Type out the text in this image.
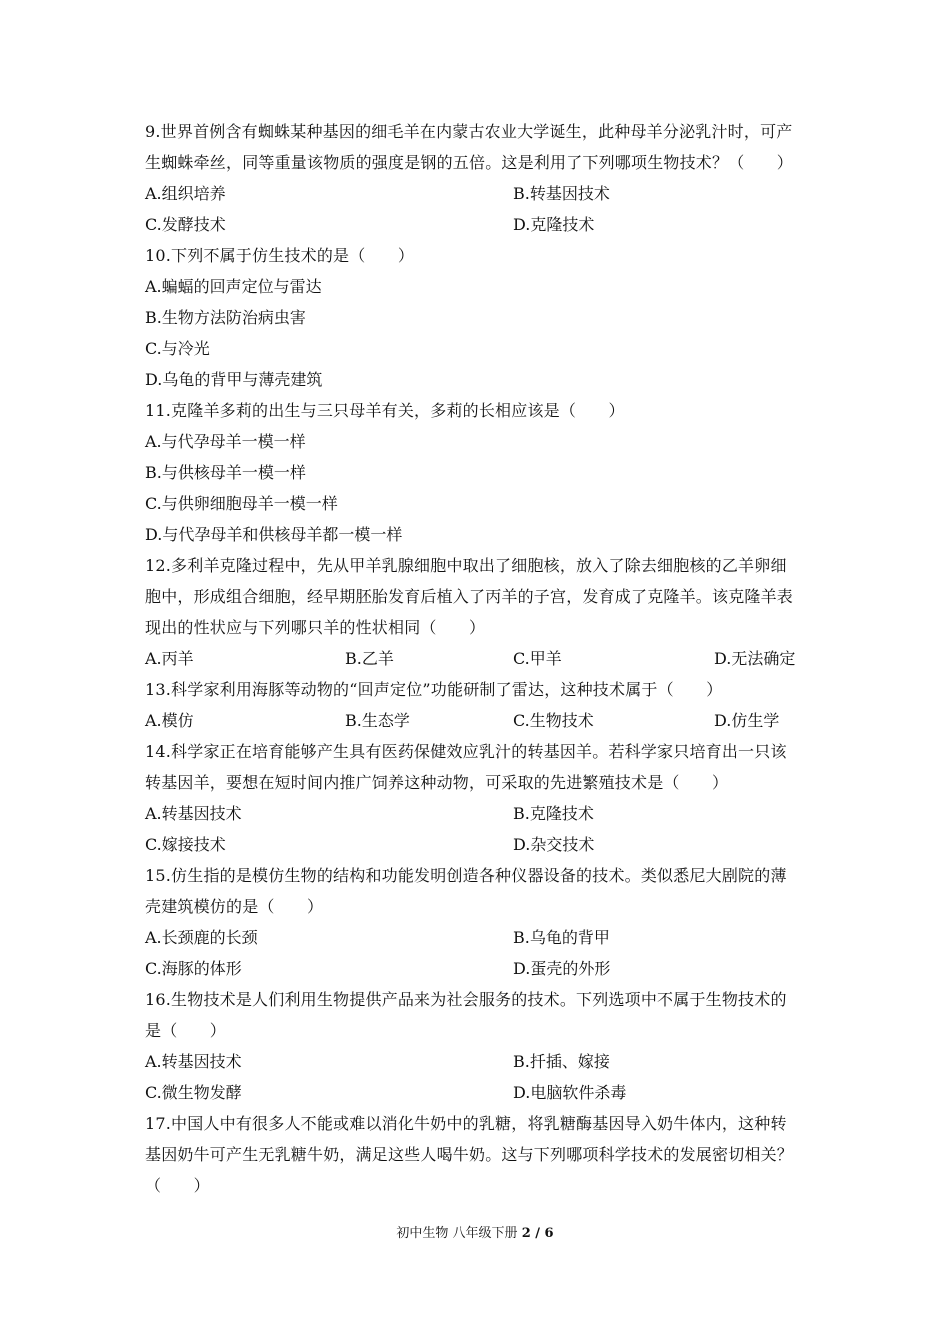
9.世界首例含有蜘蛛某种基因的细毛羊在内蒙古农业大学诞生，此种母羊分泌乳汁时，可产
生蜘蛛牵丝，同等重量该物质的强度是钢的五倍。这是利用了下列哪项生物技术？（　　）
A.组织培养	B.转基因技术
C.发酵技术	D.克隆技术
10.下列不属于仿生技术的是（　　）
A.蝙蝠的回声定位与雷达
B.生物方法防治病虫害
C.与冷光
D.乌龟的背甲与薄壳建筑
11.克隆羊多莉的出生与三只母羊有关，多莉的长相应该是（　　）
A.与代孕母羊一模一样
B.与供核母羊一模一样
C.与供卵细胞母羊一模一样
D.与代孕母羊和供核母羊都一模一样
12.多利羊克隆过程中，先从甲羊乳腺细胞中取出了细胞核，放入了除去细胞核的乙羊卵细
胞中，形成组合细胞，经早期胚胎发育后植入了丙羊的子宫，发育成了克隆羊。该克隆羊表
现出的性状应与下列哪只羊的性状相同（　　）
A.丙羊	B.乙羊	C.甲羊	D.无法确定
13.科学家利用海豚等动物的“回声定位”功能研制了雷达，这种技术属于（　　）
A.模仿	B.生态学	C.生物技术	D.仿生学
14.科学家正在培育能够产生具有医药保健效应乳汁的转基因羊。若科学家只培育出一只该
转基因羊，要想在短时间内推广饲养这种动物，可采取的先进繁殖技术是（　　）
A.转基因技术	B.克隆技术
C.嫁接技术	D.杂交技术
15.仿生指的是模仿生物的结构和功能发明创造各种仪器设备的技术。类似悉尼大剧院的薄
壳建筑模仿的是（　　）
A.长颈鹿的长颈	B.乌龟的背甲
C.海豚的体形	D.蛋壳的外形
16.生物技术是人们利用生物提供产品来为社会服务的技术。下列选项中不属于生物技术的
是（　　）
A.转基因技术	B.扦插、嫁接
C.微生物发酵	D.电脑软件杀毒
17.中国人中有很多人不能或难以消化牛奶中的乳糖，将乳糖酶基因导入奶牛体内，这种转
基因奶牛可产生无乳糖牛奶，满足这些人喝牛奶。这与下列哪项科学技术的发展密切相关？
（　　）
初中生物 八年级下册 2 / 6
